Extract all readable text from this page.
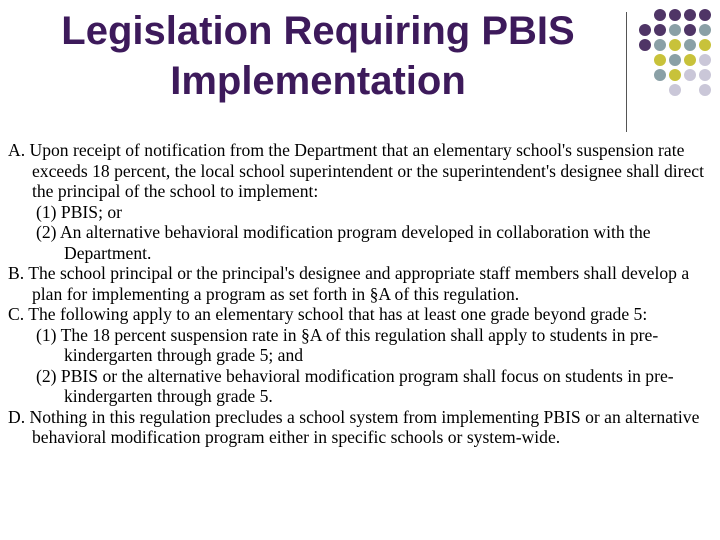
Legislation Requiring PBIS
Implementation
A. Upon receipt of notification from the Department that an elementary school's suspension rate exceeds 18 percent, the local school superintendent or the superintendent's designee shall direct the principal of the school to implement:
(1) PBIS; or
(2) An alternative behavioral modification program developed in collaboration with the Department.
B. The school principal or the principal's designee and appropriate staff members shall develop a plan for implementing a program as set forth in §A of this regulation.
C. The following apply to an elementary school that has at least one grade beyond grade 5:
(1) The 18 percent suspension rate in §A of this regulation shall apply to students in pre-kindergarten through grade 5; and
(2) PBIS or the alternative behavioral modification program shall focus on students in pre-kindergarten through grade 5.
D. Nothing in this regulation precludes a school system from implementing PBIS or an alternative behavioral modification program either in specific schools or system-wide.
